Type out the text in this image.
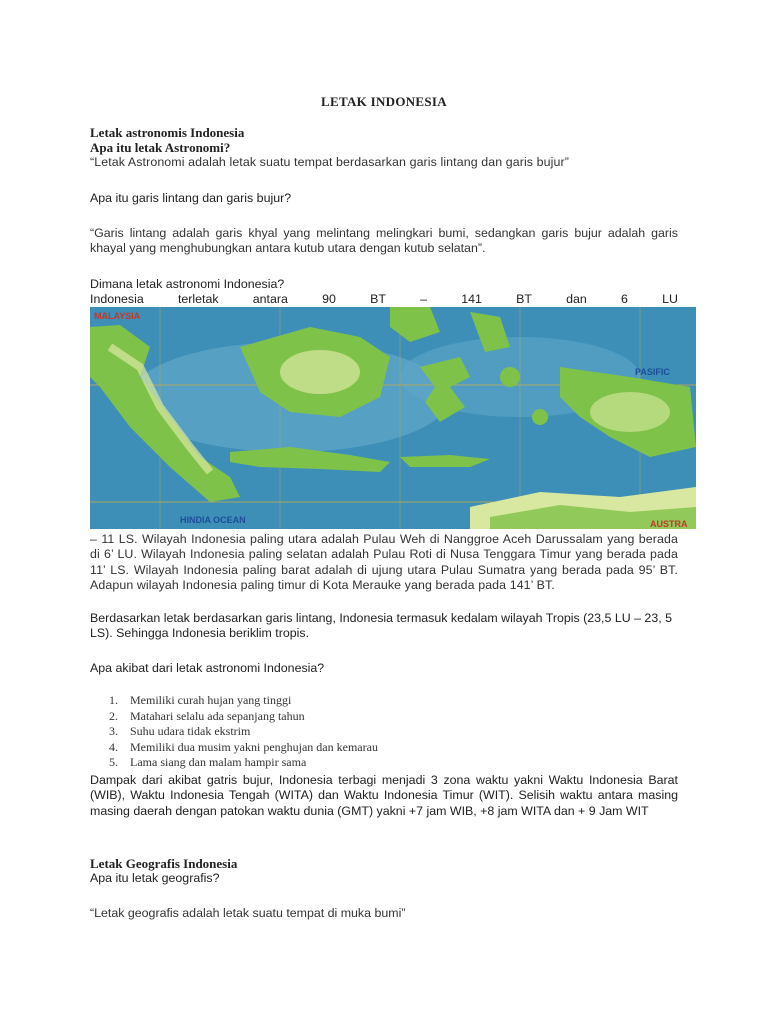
LETAK INDONESIA
Letak astronomis Indonesia
Apa itu letak Astronomi?
“Letak Astronomi adalah letak suatu tempat berdasarkan garis lintang dan garis bujur”
Apa itu garis lintang dan garis bujur?
“Garis lintang adalah garis khyal yang melintang melingkari bumi, sedangkan garis bujur adalah garis khayal yang menghubungkan antara kutub utara dengan kutub selatan”.
Dimana letak astronomi Indonesia?
Indonesia	terletak	antara	90	BT	–	141	BT	dan	6	LU
MALAYSIA
PASIFIC
AUSTRA
HINDIA OCEAN
– 11 LS. Wilayah Indonesia paling utara adalah Pulau Weh di Nanggroe Aceh Darussalam yang berada di 6’ LU. Wilayah Indonesia paling selatan adalah Pulau Roti di Nusa Tenggara Timur yang berada pada 11’ LS. Wilayah Indonesia paling barat adalah di ujung utara Pulau Sumatra yang berada pada 95’ BT. Adapun wilayah Indonesia paling timur di Kota Merauke yang berada pada 141’ BT.
Berdasarkan letak berdasarkan garis lintang, Indonesia termasuk kedalam wilayah Tropis (23,5 LU – 23, 5 LS). Sehingga Indonesia beriklim tropis.
Apa akibat dari letak astronomi Indonesia?
1.	Memiliki curah hujan yang tinggi
2.	Matahari selalu ada sepanjang tahun
3.	Suhu udara tidak ekstrim
4.	Memiliki dua musim yakni penghujan dan kemarau
5.	Lama siang dan malam hampir sama
Dampak dari akibat gatris bujur, Indonesia terbagi menjadi 3 zona waktu yakni Waktu Indonesia Barat (WIB), Waktu Indonesia Tengah (WITA) dan Waktu Indonesia Timur (WIT). Selisih waktu antara masing masing daerah dengan patokan waktu dunia (GMT) yakni +7 jam WIB, +8 jam WITA dan + 9 Jam WIT
Letak Geografis Indonesia
Apa itu letak geografis?
“Letak geografis adalah letak suatu tempat di muka bumi”
